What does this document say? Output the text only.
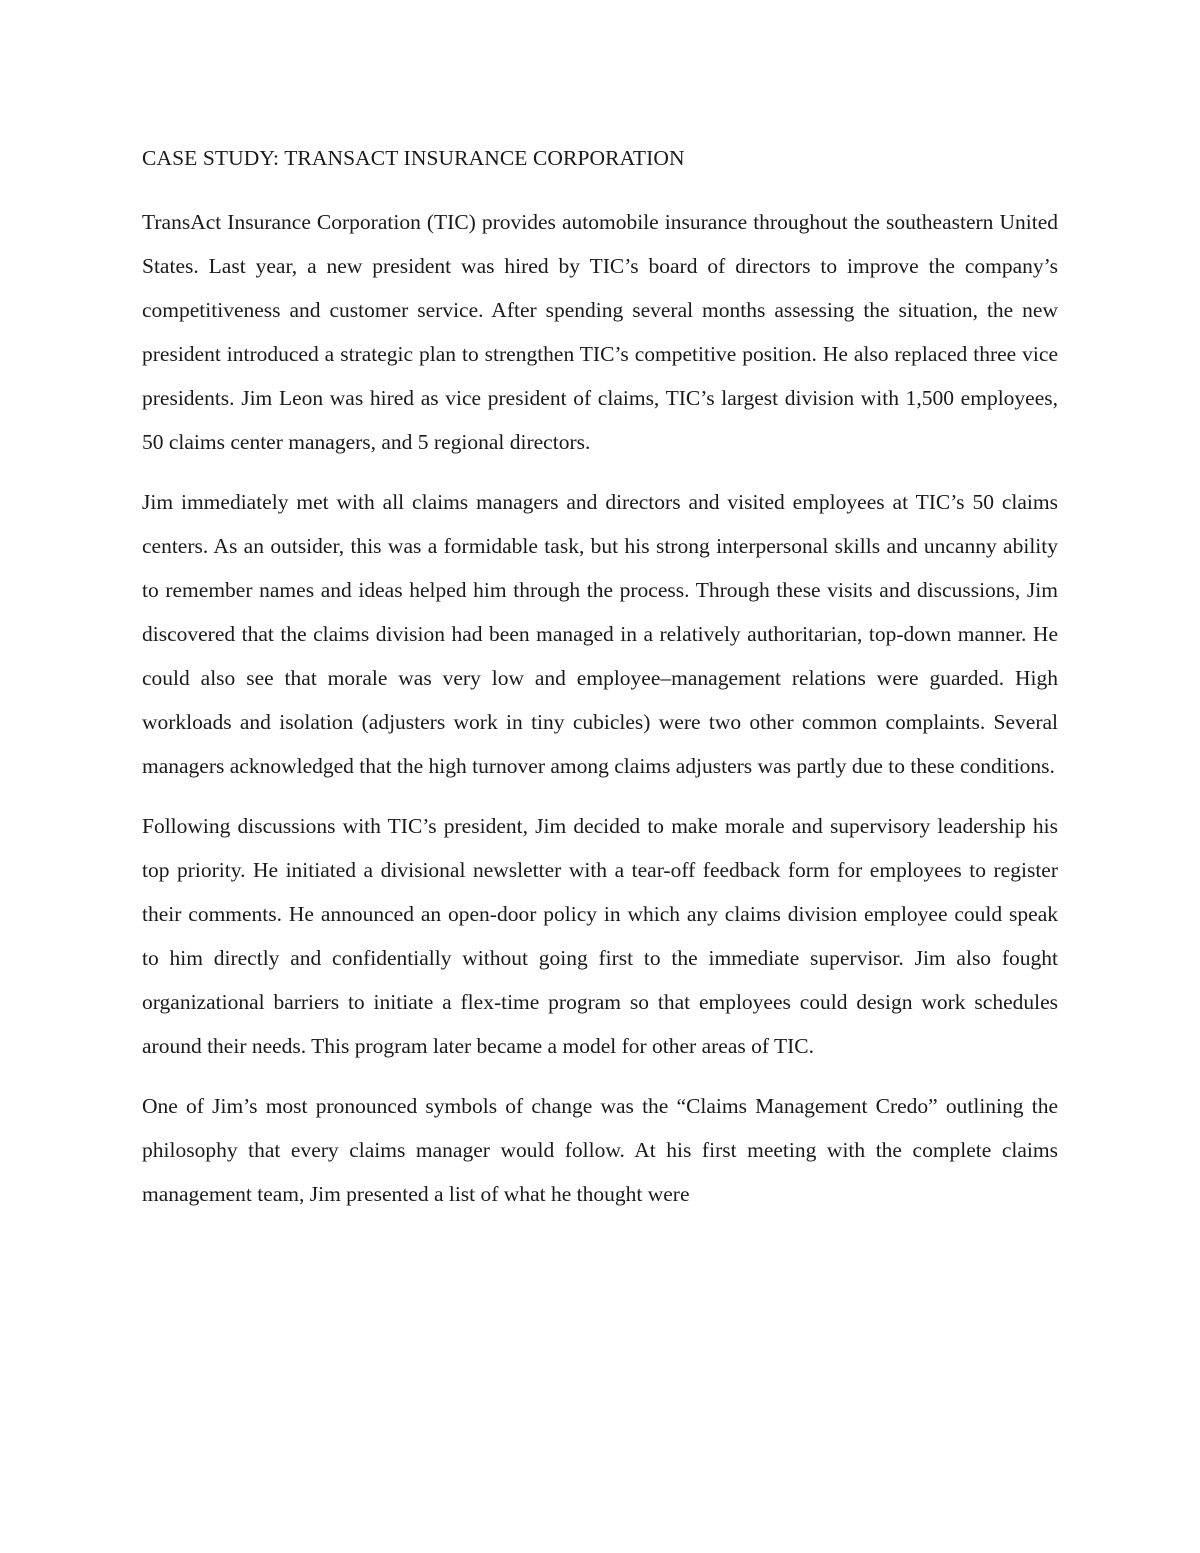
CASE STUDY: TRANSACT INSURANCE CORPORATION

TransAct Insurance Corporation (TIC) provides automobile insurance throughout the southeastern United States. Last year, a new president was hired by TIC’s board of directors to improve the company’s competitiveness and customer service. After spending several months assessing the situation, the new president introduced a strategic plan to strengthen TIC’s competitive position. He also replaced three vice presidents. Jim Leon was hired as vice president of claims, TIC’s largest division with 1,500 employees, 50 claims center managers, and 5 regional directors.

Jim immediately met with all claims managers and directors and visited employees at TIC’s 50 claims centers. As an outsider, this was a formidable task, but his strong interpersonal skills and uncanny ability to remember names and ideas helped him through the process. Through these visits and discussions, Jim discovered that the claims division had been managed in a relatively authoritarian, top-down manner. He could also see that morale was very low and employee–management relations were guarded. High workloads and isolation (adjusters work in tiny cubicles) were two other common complaints. Several managers acknowledged that the high turnover among claims adjusters was partly due to these conditions.

Following discussions with TIC’s president, Jim decided to make morale and supervisory leadership his top priority. He initiated a divisional newsletter with a tear-off feedback form for employees to register their comments. He announced an open-door policy in which any claims division employee could speak to him directly and confidentially without going first to the immediate supervisor. Jim also fought organizational barriers to initiate a flex-time program so that employees could design work schedules around their needs. This program later became a model for other areas of TIC.

One of Jim’s most pronounced symbols of change was the “Claims Management Credo” outlining the philosophy that every claims manager would follow. At his first meeting with the complete claims management team, Jim presented a list of what he thought were
